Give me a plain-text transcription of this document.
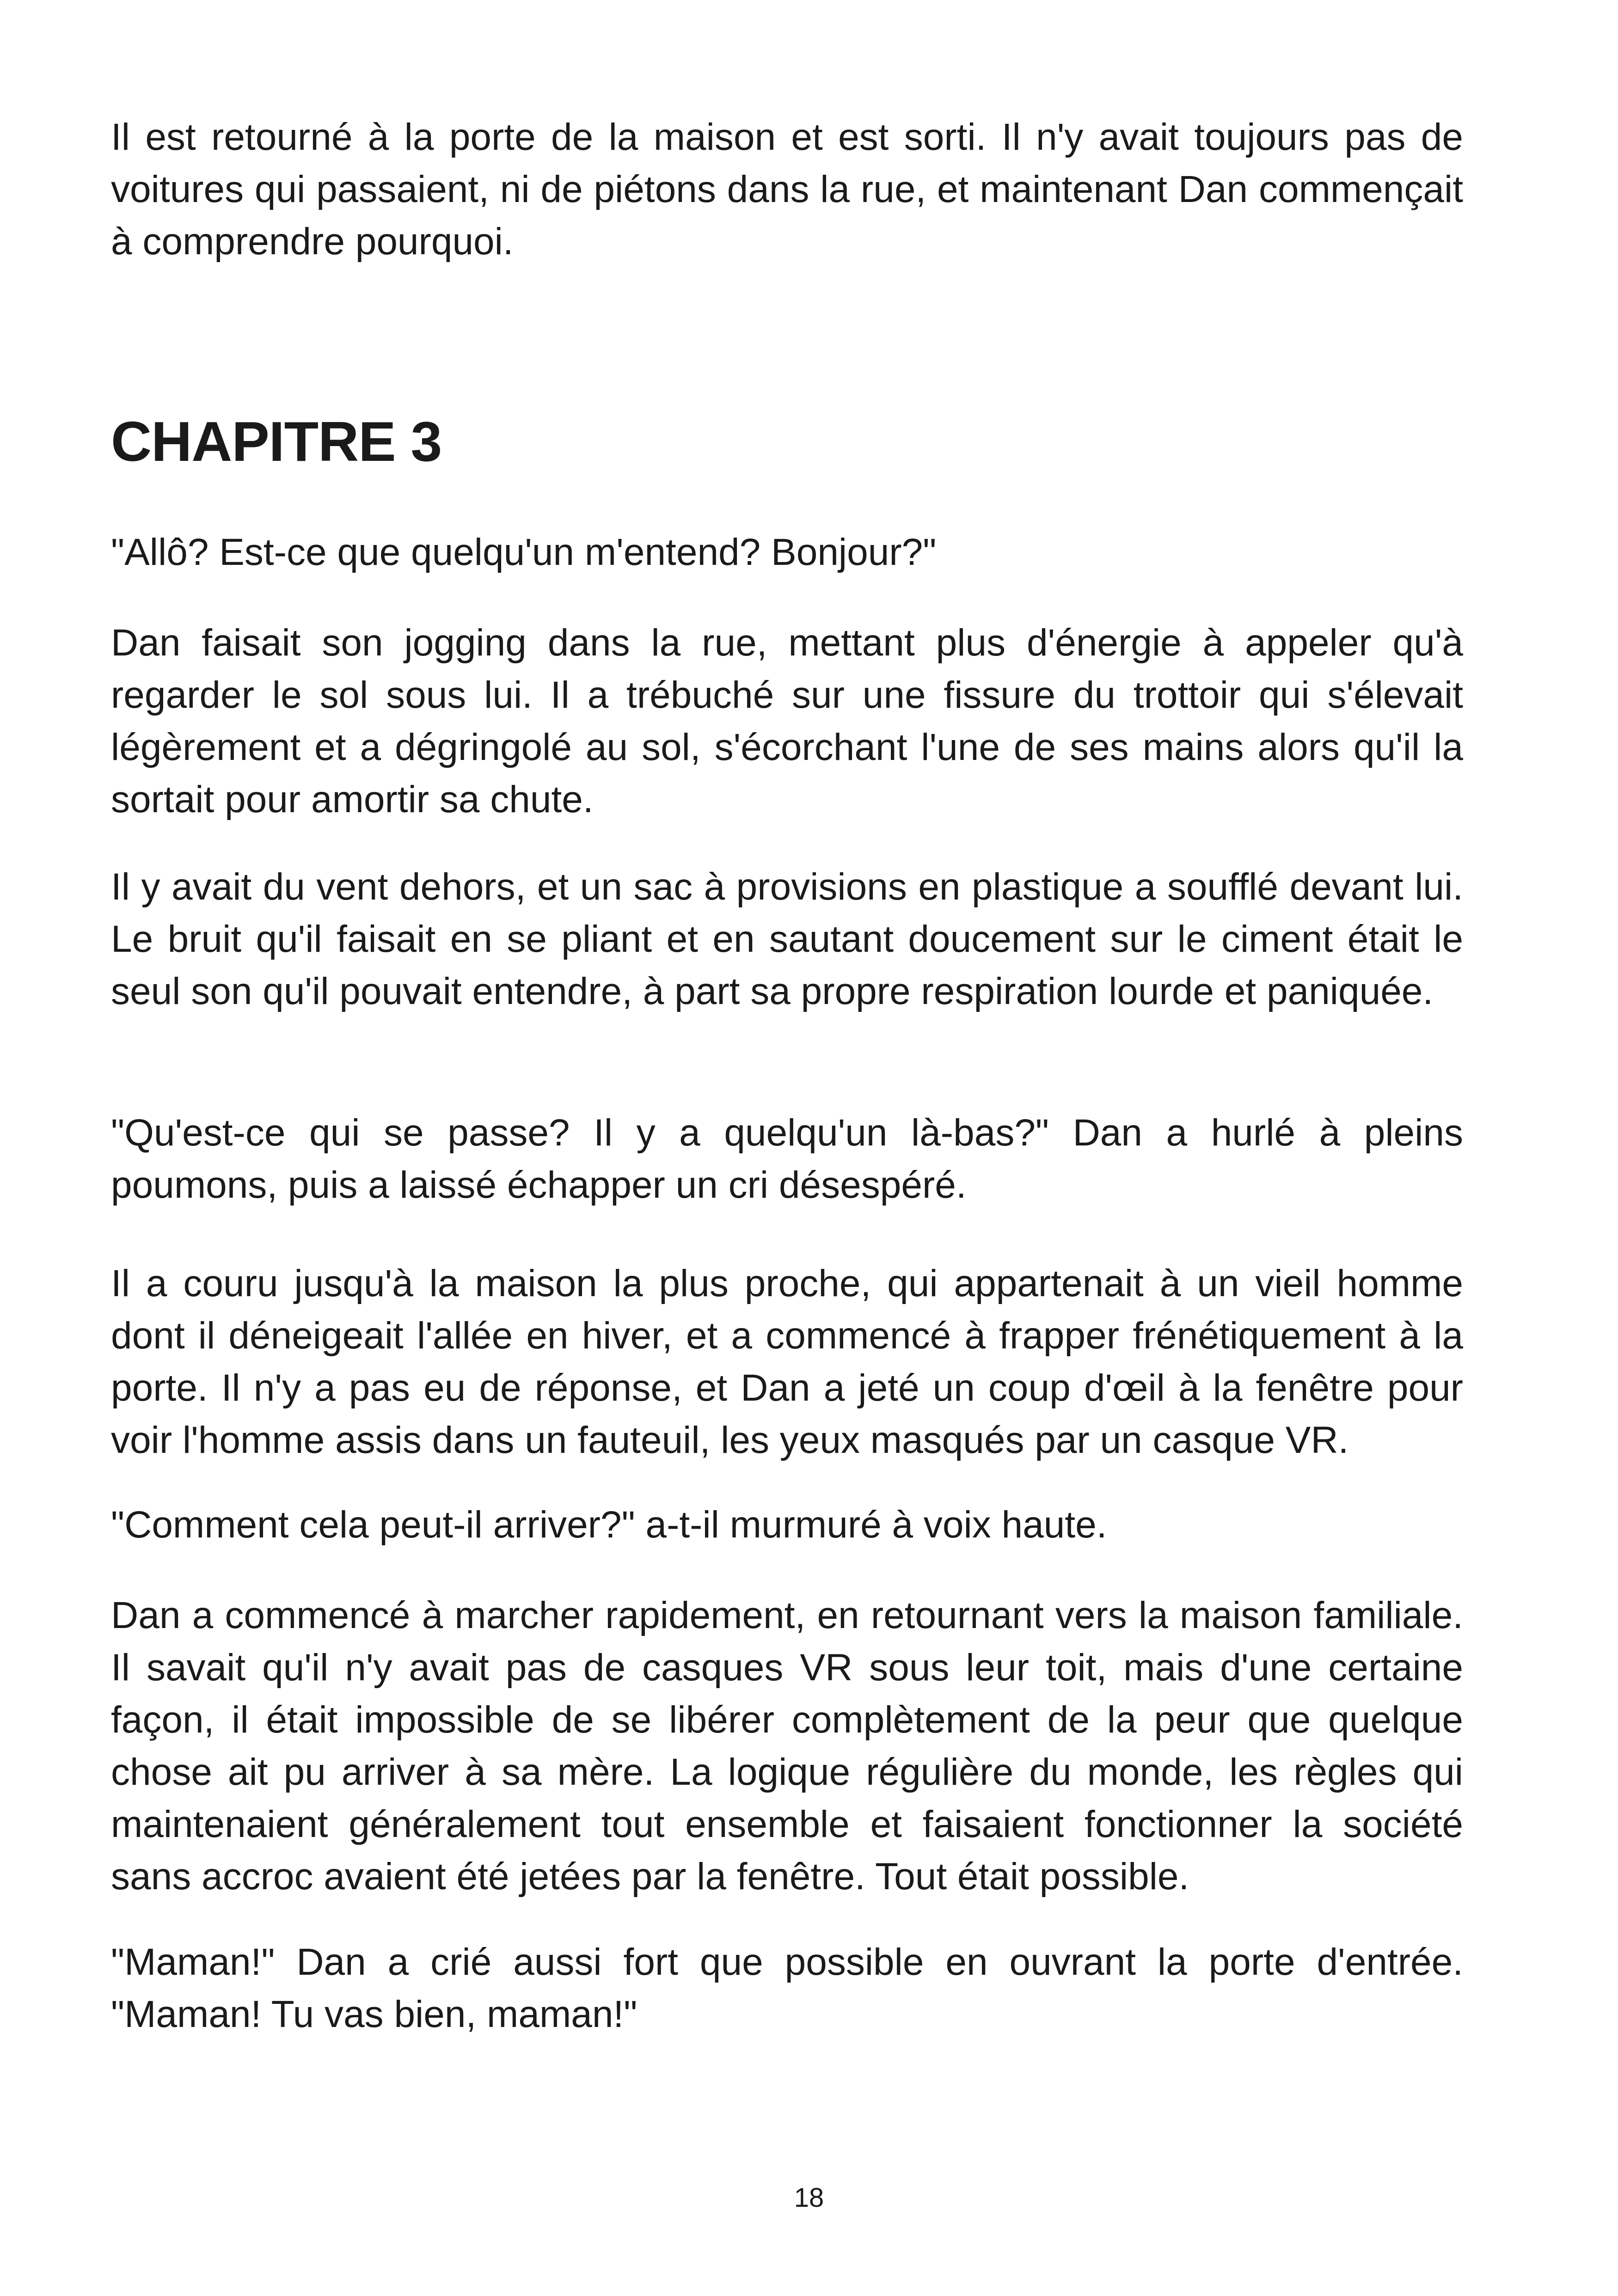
Il est retourné à la porte de la maison et est sorti. Il n'y avait toujours pas de voitures qui passaient, ni de piétons dans la rue, et maintenant Dan commençait à comprendre pourquoi.

CHAPITRE 3

"Allô? Est-ce que quelqu'un m'entend? Bonjour?"

Dan faisait son jogging dans la rue, mettant plus d'énergie à appeler qu'à regarder le sol sous lui. Il a trébuché sur une fissure du trottoir qui s'élevait légèrement et a dégringolé au sol, s'écorchant l'une de ses mains alors qu'il la sortait pour amortir sa chute.

Il y avait du vent dehors, et un sac à provisions en plastique a soufflé devant lui. Le bruit qu'il faisait en se pliant et en sautant doucement sur le ciment était le seul son qu'il pouvait entendre, à part sa propre respiration lourde et paniquée.

"Qu'est-ce qui se passe? Il y a quelqu'un là-bas?" Dan a hurlé à pleins poumons, puis a laissé échapper un cri désespéré.

Il a couru jusqu'à la maison la plus proche, qui appartenait à un vieil homme dont il déneigeait l'allée en hiver, et a commencé à frapper frénétiquement à la porte. Il n'y a pas eu de réponse, et Dan a jeté un coup d'œil à la fenêtre pour voir l'homme assis dans un fauteuil, les yeux masqués par un casque VR.

"Comment cela peut-il arriver?" a-t-il murmuré à voix haute.

Dan a commencé à marcher rapidement, en retournant vers la maison familiale. Il savait qu'il n'y avait pas de casques VR sous leur toit, mais d'une certaine façon, il était impossible de se libérer complètement de la peur que quelque chose ait pu arriver à sa mère. La logique régulière du monde, les règles qui maintenaient généralement tout ensemble et faisaient fonctionner la société sans accroc avaient été jetées par la fenêtre. Tout était possible.

"Maman!" Dan a crié aussi fort que possible en ouvrant la porte d'entrée. "Maman! Tu vas bien, maman!"

18
